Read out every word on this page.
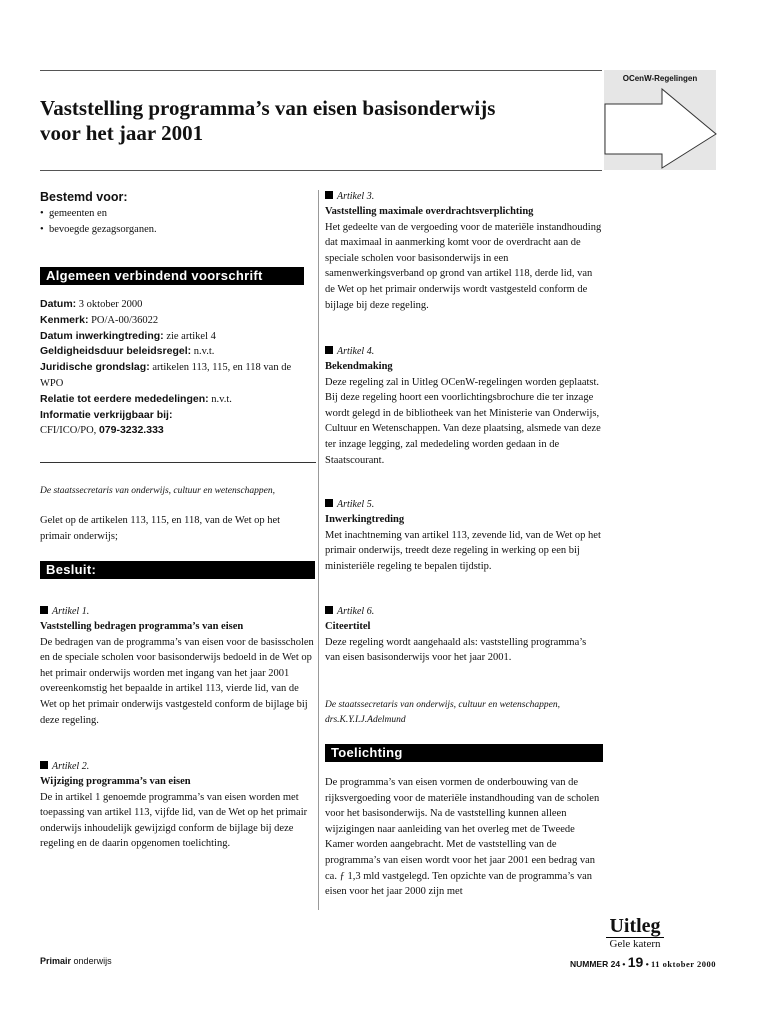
OCenW-Regelingen
Vaststelling programma’s van eisen basisonderwijs
voor het jaar 2001
Bestemd voor:
•  gemeenten en
•  bevoegde gezagsorganen.
Algemeen verbindend voorschrift
Datum: 3 oktober 2000
Kenmerk: PO/A-00/36022
Datum inwerkingtreding: zie artikel 4
Geldigheidsduur beleidsregel: n.v.t.
Juridische grondslag: artikelen 113, 115, en 118 van de WPO
Relatie tot eerdere mededelingen: n.v.t.
Informatie verkrijgbaar bij:
CFI/ICO/PO, 079-3232.333
De staatssecretaris van onderwijs, cultuur en wetenschappen,
Gelet op de artikelen 113, 115, en 118, van de Wet op het primair onderwijs;
Besluit:
Artikel 1.
Vaststelling bedragen programma’s van eisen

De bedragen van de programma’s van eisen voor de basisscholen en de speciale scholen voor basisonderwijs bedoeld in de Wet op het primair onderwijs worden met ingang van het jaar 2001 overeenkomstig het bepaalde in artikel 113, vierde lid, van de Wet op het primair onderwijs vastgesteld conform de bijlage bij deze regeling.

Artikel 2.
Wijziging programma’s van eisen

De in artikel 1 genoemde programma’s van eisen worden met toepassing van artikel 113, vijfde lid, van de Wet op het primair onderwijs inhoudelijk gewijzigd conform de bijlage bij deze regeling en de daarin opgenomen toelichting.

Artikel 3.
Vaststelling maximale overdrachtsverplichting

Het gedeelte van de vergoeding voor de materiële instandhouding dat maximaal in aanmerking komt voor de overdracht aan de speciale scholen voor basisonderwijs in een samenwerkingsverband op grond van artikel 118, derde lid, van de Wet op het primair onderwijs wordt vastgesteld conform de bijlage bij deze regeling.

Artikel 4.
Bekendmaking

Deze regeling zal in Uitleg OCenW-regelingen worden geplaatst. Bij deze regeling hoort een voorlichtingsbrochure die ter inzage wordt gelegd in de bibliotheek van het Ministerie van Onderwijs, Cultuur en Wetenschappen. Van deze plaatsing, alsmede van deze ter inzage legging, zal mededeling worden gedaan in de Staatscourant.

Artikel 5.
Inwerkingtreding

Met inachtneming van artikel 113, zevende lid, van de Wet op het primair onderwijs, treedt deze regeling in werking op een bij ministeriële regeling te bepalen tijdstip.

Artikel 6.
Citeertitel

Deze regeling wordt aangehaald als: vaststelling programma’s van eisen basisonderwijs voor het jaar 2001.

De staatssecretaris van onderwijs, cultuur en wetenschappen,
drs.K.Y.I.J.Adelmund
Toelichting

De programma’s van eisen vormen de onderbouwing van de rijksvergoeding voor de materiële instandhouding van de scholen voor het basisonderwijs. Na de vaststelling kunnen alleen wijzigingen naar aanleiding van het overleg met de Tweede Kamer worden aangebracht. Met de vaststelling van de programma’s van eisen wordt voor het jaar 2001 een bedrag van ca. ƒ 1,3 mld vastgelegd. Ten opzichte van de programma’s van eisen voor het jaar 2000 zijn met

Primair onderwijs
Uitleg
Gele katern
NUMMER 24 • 19 • 11 oktober 2000
